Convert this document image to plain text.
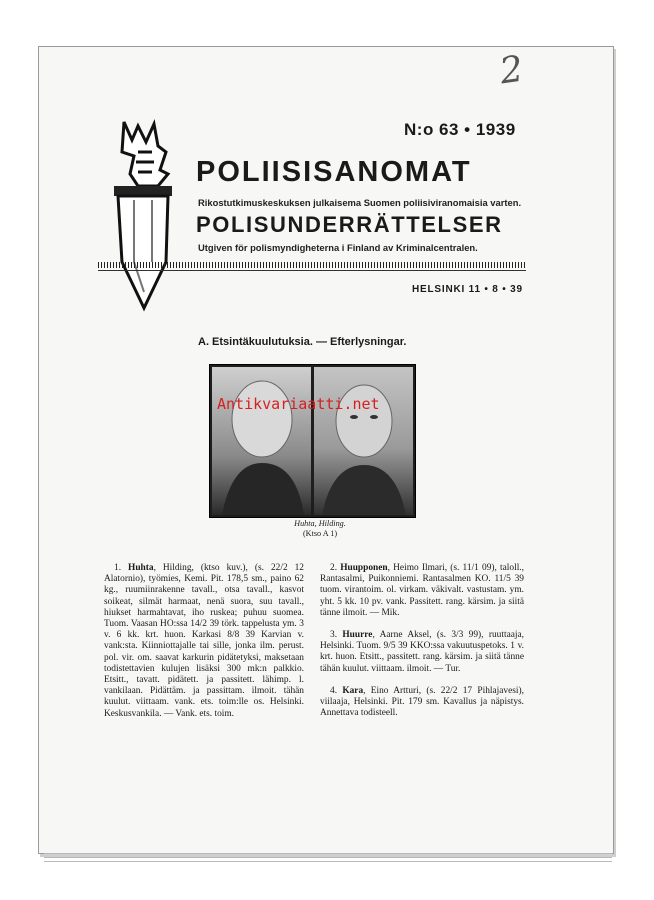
2
N:o 63 • 1939
POLIISISANOMAT
Rikostutkimuskeskuksen julkaisema Suomen poliisiviranomaisia varten.
POLISUNDERRÄTTELSER
Utgiven för polismyndigheterna i Finland av Kriminalcentralen.
HELSINKI 11 • 8 • 39
A. Etsintäkuulutuksia. — Efterlysningar.
Antikvariaatti.net
Huhta, Hilding.
(Ktso A 1)

1. Huhta, Hilding, (ktso kuv.), (s. 22/2 12 Alatornio), työmies, Kemi. Pit. 178,5 sm., paino 62 kg., ruumiinrakenne tavall., otsa tavall., kasvot soikeat, silmät harmaat, nenä suora, suu tavall., hiukset harmahtavat, iho ruskea; puhuu suomea. Tuom. Vaasan HO:ssa 14/2 39 törk. tappelusta ym. 3 v. 6 kk. krt. huon. Karkasi 8/8 39 Karvian v. vank:sta. Kiinniottajalle tai sille, jonka ilm. perust. pol. vir. om. saavat karkurin pidätetyksi, maksetaan todistettavien kulujen lisäksi 300 mk:n palkkio. Etsitt., tavatt. pidätett. ja passitett. lähimp. l. vankilaan. Pidättäm. ja passittam. ilmoit. tähän kuulut. viittaam. vank. ets. toim:lle os. Helsinki. Keskusvankila. — Vank. ets. toim.

2. Huupponen, Heimo Ilmari, (s. 11/1 09), taloll., Rantasalmi, Puikonniemi. Rantasalmen KO. 11/5 39 tuom. virantoim. ol. virkam. väkivalt. vastustam. ym. yht. 5 kk. 10 pv. vank. Passitett. rang. kärsim. ja siitä tänne ilmoit. — Mik.

3. Huurre, Aarne Aksel, (s. 3/3 99), ruuttaaja, Helsinki. Tuom. 9/5 39 KKO:ssa vakuutuspetoks. 1 v. krt. huon. Etsitt., passitett. rang. kärsim. ja siitä tänne tähän kuulut. viittaam. ilmoit. — Tur.

4. Kara, Eino Artturi, (s. 22/2 17 Pihlajavesi), viilaaja, Helsinki. Pit. 179 sm. Kavallus ja näpistys. Annettava todisteell.
